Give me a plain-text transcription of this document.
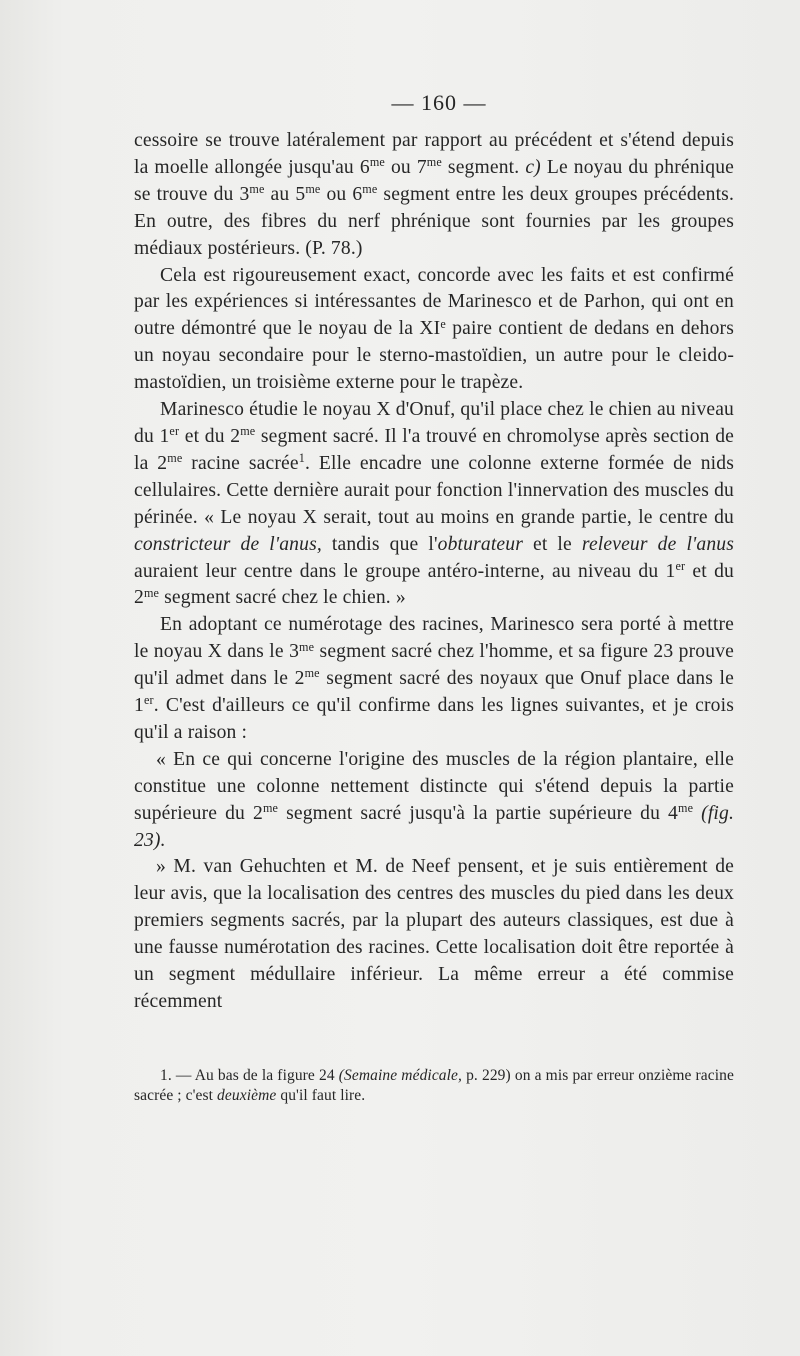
— 160 —

cessoire se trouve latéralement par rapport au précédent et s'étend depuis la moelle allongée jusqu'au $6^{me}$ ou $7^{me}$ segment. c) Le noyau du phrénique se trouve du $3^{me}$ au $5^{me}$ ou $6^{me}$ segment entre les deux groupes précédents. En outre, des fibres du nerf phrénique sont fournies par les groupes médiaux postérieurs. (P. 78.)

Cela est rigoureusement exact, concorde avec les faits et est confirmé par les expériences si intéressantes de Marinesco et de Parhon, qui ont en outre démontré que le noyau de la XIe paire contient de dedans en dehors un noyau secondaire pour le sterno-mastoïdien, un autre pour le cleido-mastoïdien, un troisième externe pour le trapèze.

Marinesco étudie le noyau X d'Onuf, qu'il place chez le chien au niveau du 1er et du $2^{me}$ segment sacré. Il l'a trouvé en chromolyse après section de la $2^{me}$ racine sacrée$^1$. Elle encadre une colonne externe formée de nids cellulaires. Cette dernière aurait pour fonction l'innervation des muscles du périnée. « Le noyau X serait, tout au moins en grande partie, le centre du constricteur de l'anus, tandis que l'obturateur et le releveur de l'anus auraient leur centre dans le groupe antéro-interne, au niveau du 1er et du $2^{me}$ segment sacré chez le chien. »

En adoptant ce numérotage des racines, Marinesco sera porté à mettre le noyau X dans le $3^{me}$ segment sacré chez l'homme, et sa figure 23 prouve qu'il admet dans le $2^{me}$ segment sacré des noyaux que Onuf place dans le 1er. C'est d'ailleurs ce qu'il confirme dans les lignes suivantes, et je crois qu'il a raison :

« En ce qui concerne l'origine des muscles de la région plantaire, elle constitue une colonne nettement distincte qui s'étend depuis la partie supérieure du $2^{me}$ segment sacré jusqu'à la partie supérieure du $4^{me}$ (fig. 23).

» M. van Gehuchten et M. de Neef pensent, et je suis entièrement de leur avis, que la localisation des centres des muscles du pied dans les deux premiers segments sacrés, par la plupart des auteurs classiques, est due à une fausse numérotation des racines. Cette localisation doit être reportée à un segment médullaire inférieur. La même erreur a été commise récemment

1. — Au bas de la figure 24 (Semaine médicale, p. 229) on a mis par erreur onzième racine sacrée ; c'est deuxième qu'il faut lire.
